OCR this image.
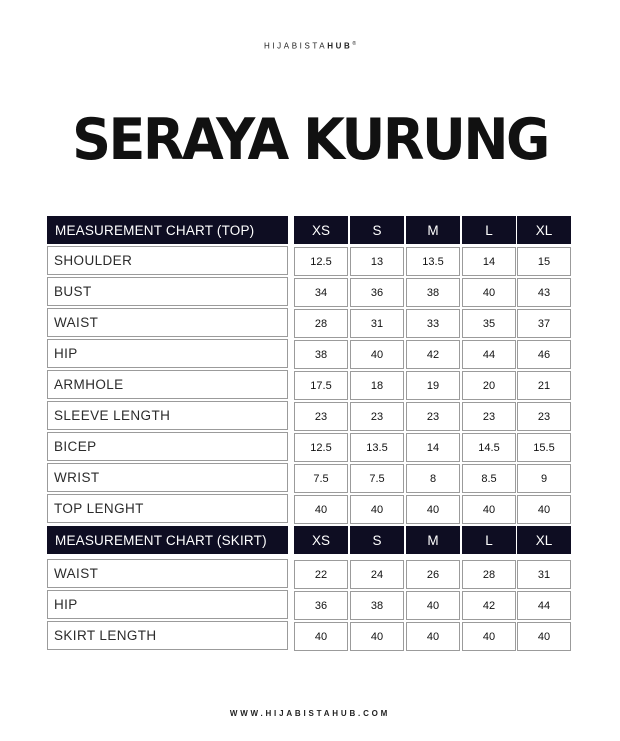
HIJABISTAHUB®
SERAYA KURUNG
MEASUREMENT CHART (TOP)	XS	S	M	L	XL
SHOULDER	12.5	13	13.5	14	15
BUST	34	36	38	40	43
WAIST	28	31	33	35	37
HIP	38	40	42	44	46
ARMHOLE	17.5	18	19	20	21
SLEEVE LENGTH	23	23	23	23	23
BICEP	12.5	13.5	14	14.5	15.5
WRIST	7.5	7.5	8	8.5	9
TOP LENGHT	40	40	40	40	40
MEASUREMENT CHART (SKIRT)	XS	S	M	L	XL
WAIST	22	24	26	28	31
HIP	36	38	40	42	44
SKIRT LENGTH	40	40	40	40	40
WWW.HIJABISTAHUB.COM
